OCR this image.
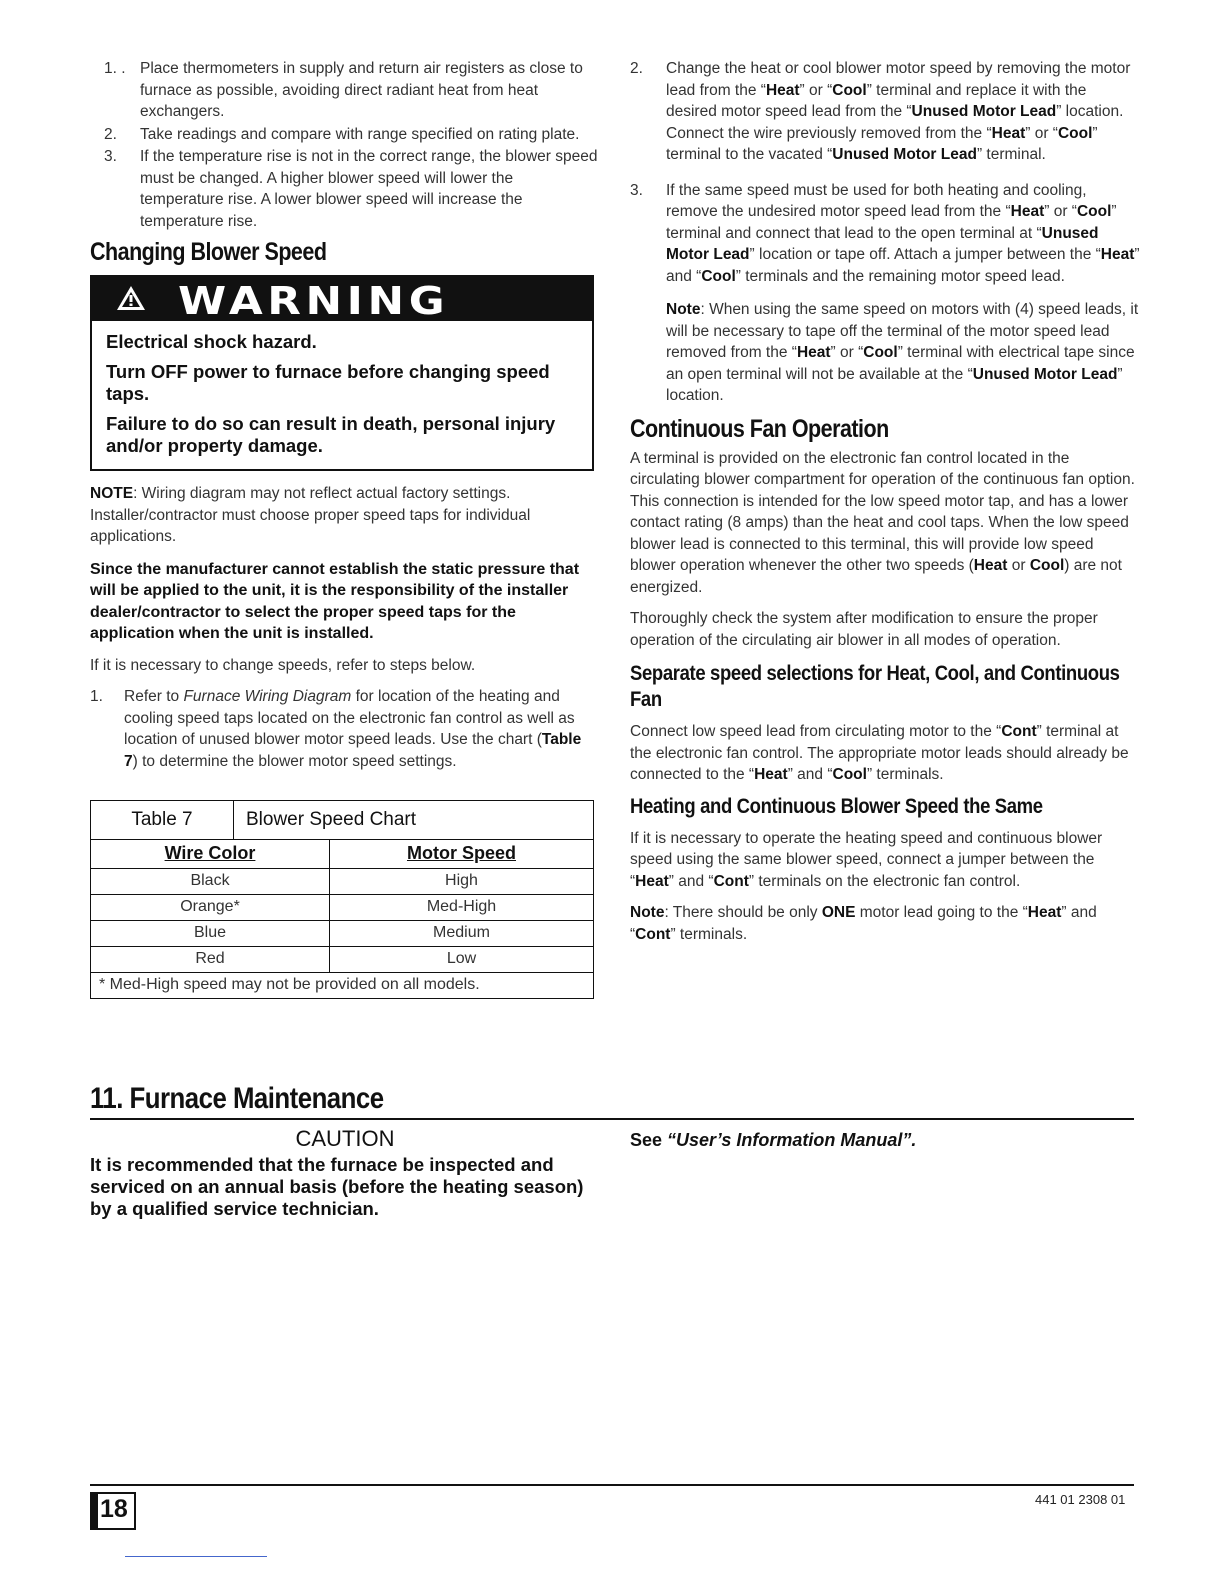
1. . Place thermometers in supply and return air registers as close to furnace as possible, avoiding direct radiant heat from heat exchangers.
2. Take readings and compare with range specified on rating plate.
3. If the temperature rise is not in the correct range, the blower speed must be changed. A higher blower speed will lower the temperature rise. A lower blower speed will increase the temperature rise.
Changing Blower Speed
WARNING

Electrical shock hazard.

Turn OFF power to furnace before changing speed taps.

Failure to do so can result in death, personal injury and/or property damage.

NOTE: Wiring diagram may not reflect actual factory settings. Installer/contractor must choose proper speed taps for individual applications.

Since the manufacturer cannot establish the static pressure that will be applied to the unit, it is the responsibility of the installer dealer/contractor to select the proper speed taps for the application when the unit is installed.

If it is necessary to change speeds, refer to steps below.

1. Refer to Furnace Wiring Diagram for location of the heating and cooling speed taps located on the electronic fan control as well as location of unused blower motor speed leads. Use the chart (Table 7) to determine the blower motor speed settings.
Table 7	Blower Speed Chart
Wire Color	Motor Speed
Black	High
Orange*	Med-High
Blue	Medium
Red	Low
* Med-High speed may not be provided on all models.	
2. Change the heat or cool blower motor speed by removing the motor lead from the “Heat” or “Cool” terminal and replace it with the desired motor speed lead from the “Unused Motor Lead” location. Connect the wire previously removed from the “Heat” or “Cool” terminal to the vacated “Unused Motor Lead” terminal.
3. If the same speed must be used for both heating and cooling, remove the undesired motor speed lead from the “Heat” or “Cool” terminal and connect that lead to the open terminal at “Unused Motor Lead” location or tape off. Attach a jumper between the “Heat” and “Cool” terminals and the remaining motor speed lead.

Note: When using the same speed on motors with (4) speed leads, it will be necessary to tape off the terminal of the motor speed lead removed from the “Heat” or “Cool” terminal with electrical tape since an open terminal will not be available at the “Unused Motor Lead” location.

Continuous Fan Operation

A terminal is provided on the electronic fan control located in the circulating blower compartment for operation of the continuous fan option. This connection is intended for the low speed motor tap, and has a lower contact rating (8 amps) than the heat and cool taps. When the low speed blower lead is connected to this terminal, this will provide low speed blower operation whenever the other two speeds (Heat or Cool) are not energized.

Thoroughly check the system after modification to ensure the proper operation of the circulating air blower in all modes of operation.

Separate speed selections for Heat, Cool, and Continuous Fan

Connect low speed lead from circulating motor to the “Cont” terminal at the electronic fan control. The appropriate motor leads should already be connected to the “Heat” and “Cool” terminals.

Heating and Continuous Blower Speed the Same

If it is necessary to operate the heating speed and continuous blower speed using the same blower speed, connect a jumper between the “Heat” and “Cont” terminals on the electronic fan control.

Note: There should be only ONE motor lead going to the “Heat” and “Cont” terminals.

11. Furnace Maintenance
CAUTION
It is recommended that the furnace be inspected and serviced on an annual basis (before the heating season) by a qualified service technician.
See “User’s Information Manual”.
18	441 01 2308 01
